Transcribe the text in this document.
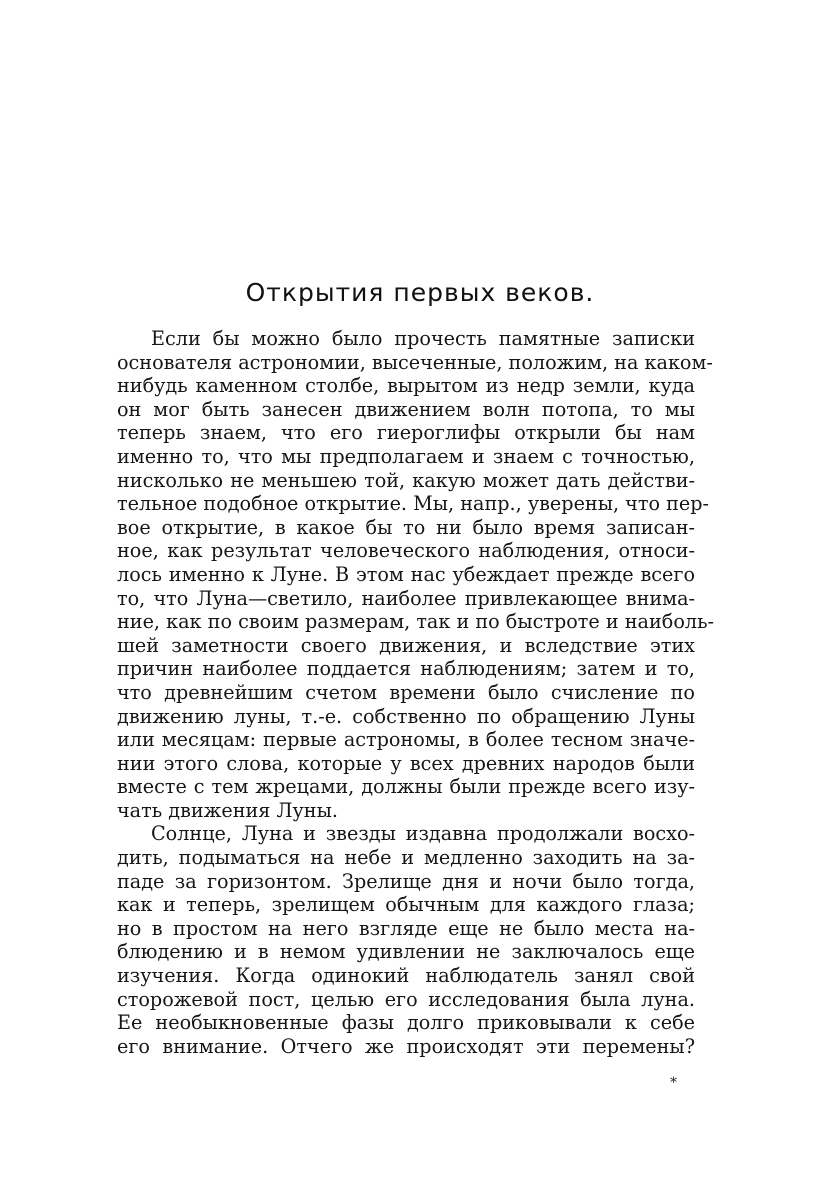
Открытия первых веков.
Если бы можно было прочесть памятные записки
основателя астрономии, высеченные, положим, на каком-
нибудь каменном столбе, вырытом из недр земли, куда
он мог быть занесен движением волн потопа, то мы
теперь знаем, что его гиероглифы открыли бы нам
именно то, что мы предполагаем и знаем с точностью,
нисколько не меньшею той, какую может дать действи-
тельное подобное открытие. Мы, напр., уверены, что пер-
вое открытие, в какое бы то ни было время записан-
ное, как результат человеческого наблюдения, относи-
лось именно к Луне. В этом нас убеждает прежде всего
то, что Луна—светило, наиболее привлекающее внима-
ние, как по своим размерам, так и по быстроте и наиболь-
шей заметности своего движения, и вследствие этих
причин наиболее поддается наблюдениям; затем и то,
что древнейшим счетом времени было счисление по
движению луны, т.-е. собственно по обращению Луны
или месяцам: первые астрономы, в более тесном значе-
нии этого слова, которые у всех древних народов были
вместе с тем жрецами, должны были прежде всего изу-
чать движения Луны.
Солнце, Луна и звезды издавна продолжали восхо-
дить, подыматься на небе и медленно заходить на за-
паде за горизонтом. Зрелище дня и ночи было тогда,
как и теперь, зрелищем обычным для каждого глаза;
но в простом на него взгляде еще не было места на-
блюдению и в немом удивлении не заключалось еще
изучения. Когда одинокий наблюдатель занял свой
сторожевой пост, целью его исследования была луна.
Ее необыкновенные фазы долго приковывали к себе
его внимание. Отчего же происходят эти перемены?
*
